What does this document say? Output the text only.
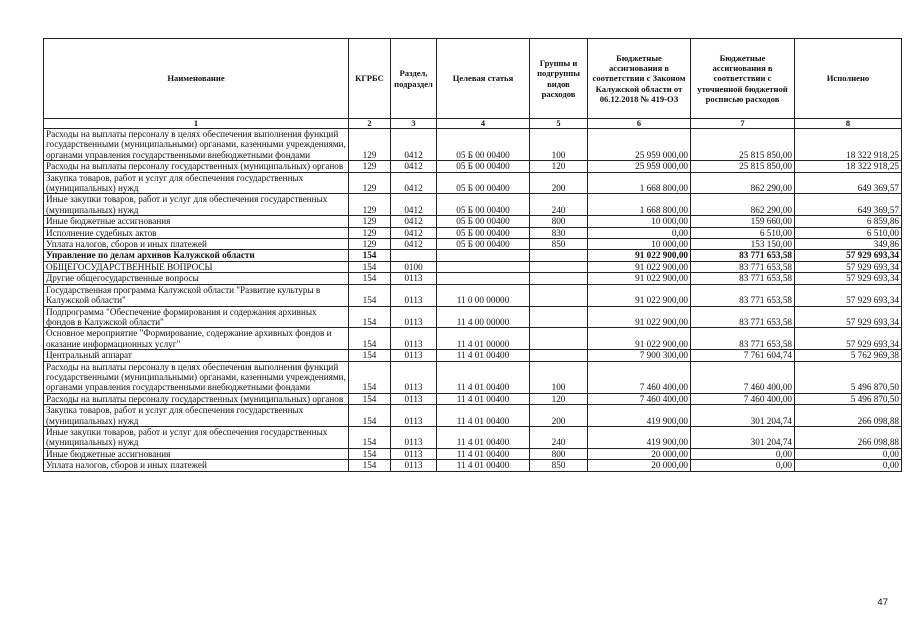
Наименование	КГРБС	Раздел, подраздел	Целевая статья	Группы и подгруппы видов расходов	Бюджетные ассигнования в соответствии с Законом Калужской области от 06.12.2018 № 419-ОЗ	Бюджетные ассигнования в соответствии с уточненной бюджетной росписью расходов	Исполнено
1	2	3	4	5	6	7	8
Расходы на выплаты персоналу в целях обеспечения выполнения функций государственными (муниципальными) органами, казенными учреждениями, органами управления государственными внебюджетными фондами	129	0412	05 Б 00 00400	100	25 959 000,00	25 815 850,00	18 322 918,25
Расходы на выплаты персоналу государственных (муниципальных) органов	129	0412	05 Б 00 00400	120	25 959 000,00	25 815 850,00	18 322 918,25
Закупка товаров, работ и услуг для обеспечения государственных (муниципальных) нужд	129	0412	05 Б 00 00400	200	1 668 800,00	862 290,00	649 369,57
Иные закупки товаров, работ и услуг для обеспечения государственных (муниципальных) нужд	129	0412	05 Б 00 00400	240	1 668 800,00	862 290,00	649 369,57
Иные бюджетные ассигнования	129	0412	05 Б 00 00400	800	10 000,00	159 660,00	6 859,86
Исполнение судебных актов	129	0412	05 Б 00 00400	830	0,00	6 510,00	6 510,00
Уплата налогов, сборов и иных платежей	129	0412	05 Б 00 00400	850	10 000,00	153 150,00	349,86
Управление по делам архивов Калужской области	154				91 022 900,00	83 771 653,58	57 929 693,34
ОБЩЕГОСУДАРСТВЕННЫЕ ВОПРОСЫ	154	0100			91 022 900,00	83 771 653,58	57 929 693,34
Другие общегосударственные вопросы	154	0113			91 022 900,00	83 771 653,58	57 929 693,34
Государственная программа Калужской области "Развитие культуры в Калужской области"	154	0113	11 0 00 00000		91 022 900,00	83 771 653,58	57 929 693,34
Подпрограмма "Обеспечение формирования и содержания архивных фондов в Калужской области"	154	0113	11 4 00 00000		91 022 900,00	83 771 653,58	57 929 693,34
Основное мероприятие "Формирование, содержание архивных фондов и оказание информационных услуг"	154	0113	11 4 01 00000		91 022 900,00	83 771 653,58	57 929 693,34
Центральный аппарат	154	0113	11 4 01 00400		7 900 300,00	7 761 604,74	5 762 969,38
Расходы на выплаты персоналу в целях обеспечения выполнения функций государственными (муниципальными) органами, казенными учреждениями, органами управления государственными внебюджетными фондами	154	0113	11 4 01 00400	100	7 460 400,00	7 460 400,00	5 496 870,50
Расходы на выплаты персоналу государственных (муниципальных) органов	154	0113	11 4 01 00400	120	7 460 400,00	7 460 400,00	5 496 870,50
Закупка товаров, работ и услуг для обеспечения государственных (муниципальных) нужд	154	0113	11 4 01 00400	200	419 900,00	301 204,74	266 098,88
Иные закупки товаров, работ и услуг для обеспечения государственных (муниципальных) нужд	154	0113	11 4 01 00400	240	419 900,00	301 204,74	266 098,88
Иные бюджетные ассигнования	154	0113	11 4 01 00400	800	20 000,00	0,00	0,00
Уплата налогов, сборов и иных платежей	154	0113	11 4 01 00400	850	20 000,00	0,00	0,00
47
